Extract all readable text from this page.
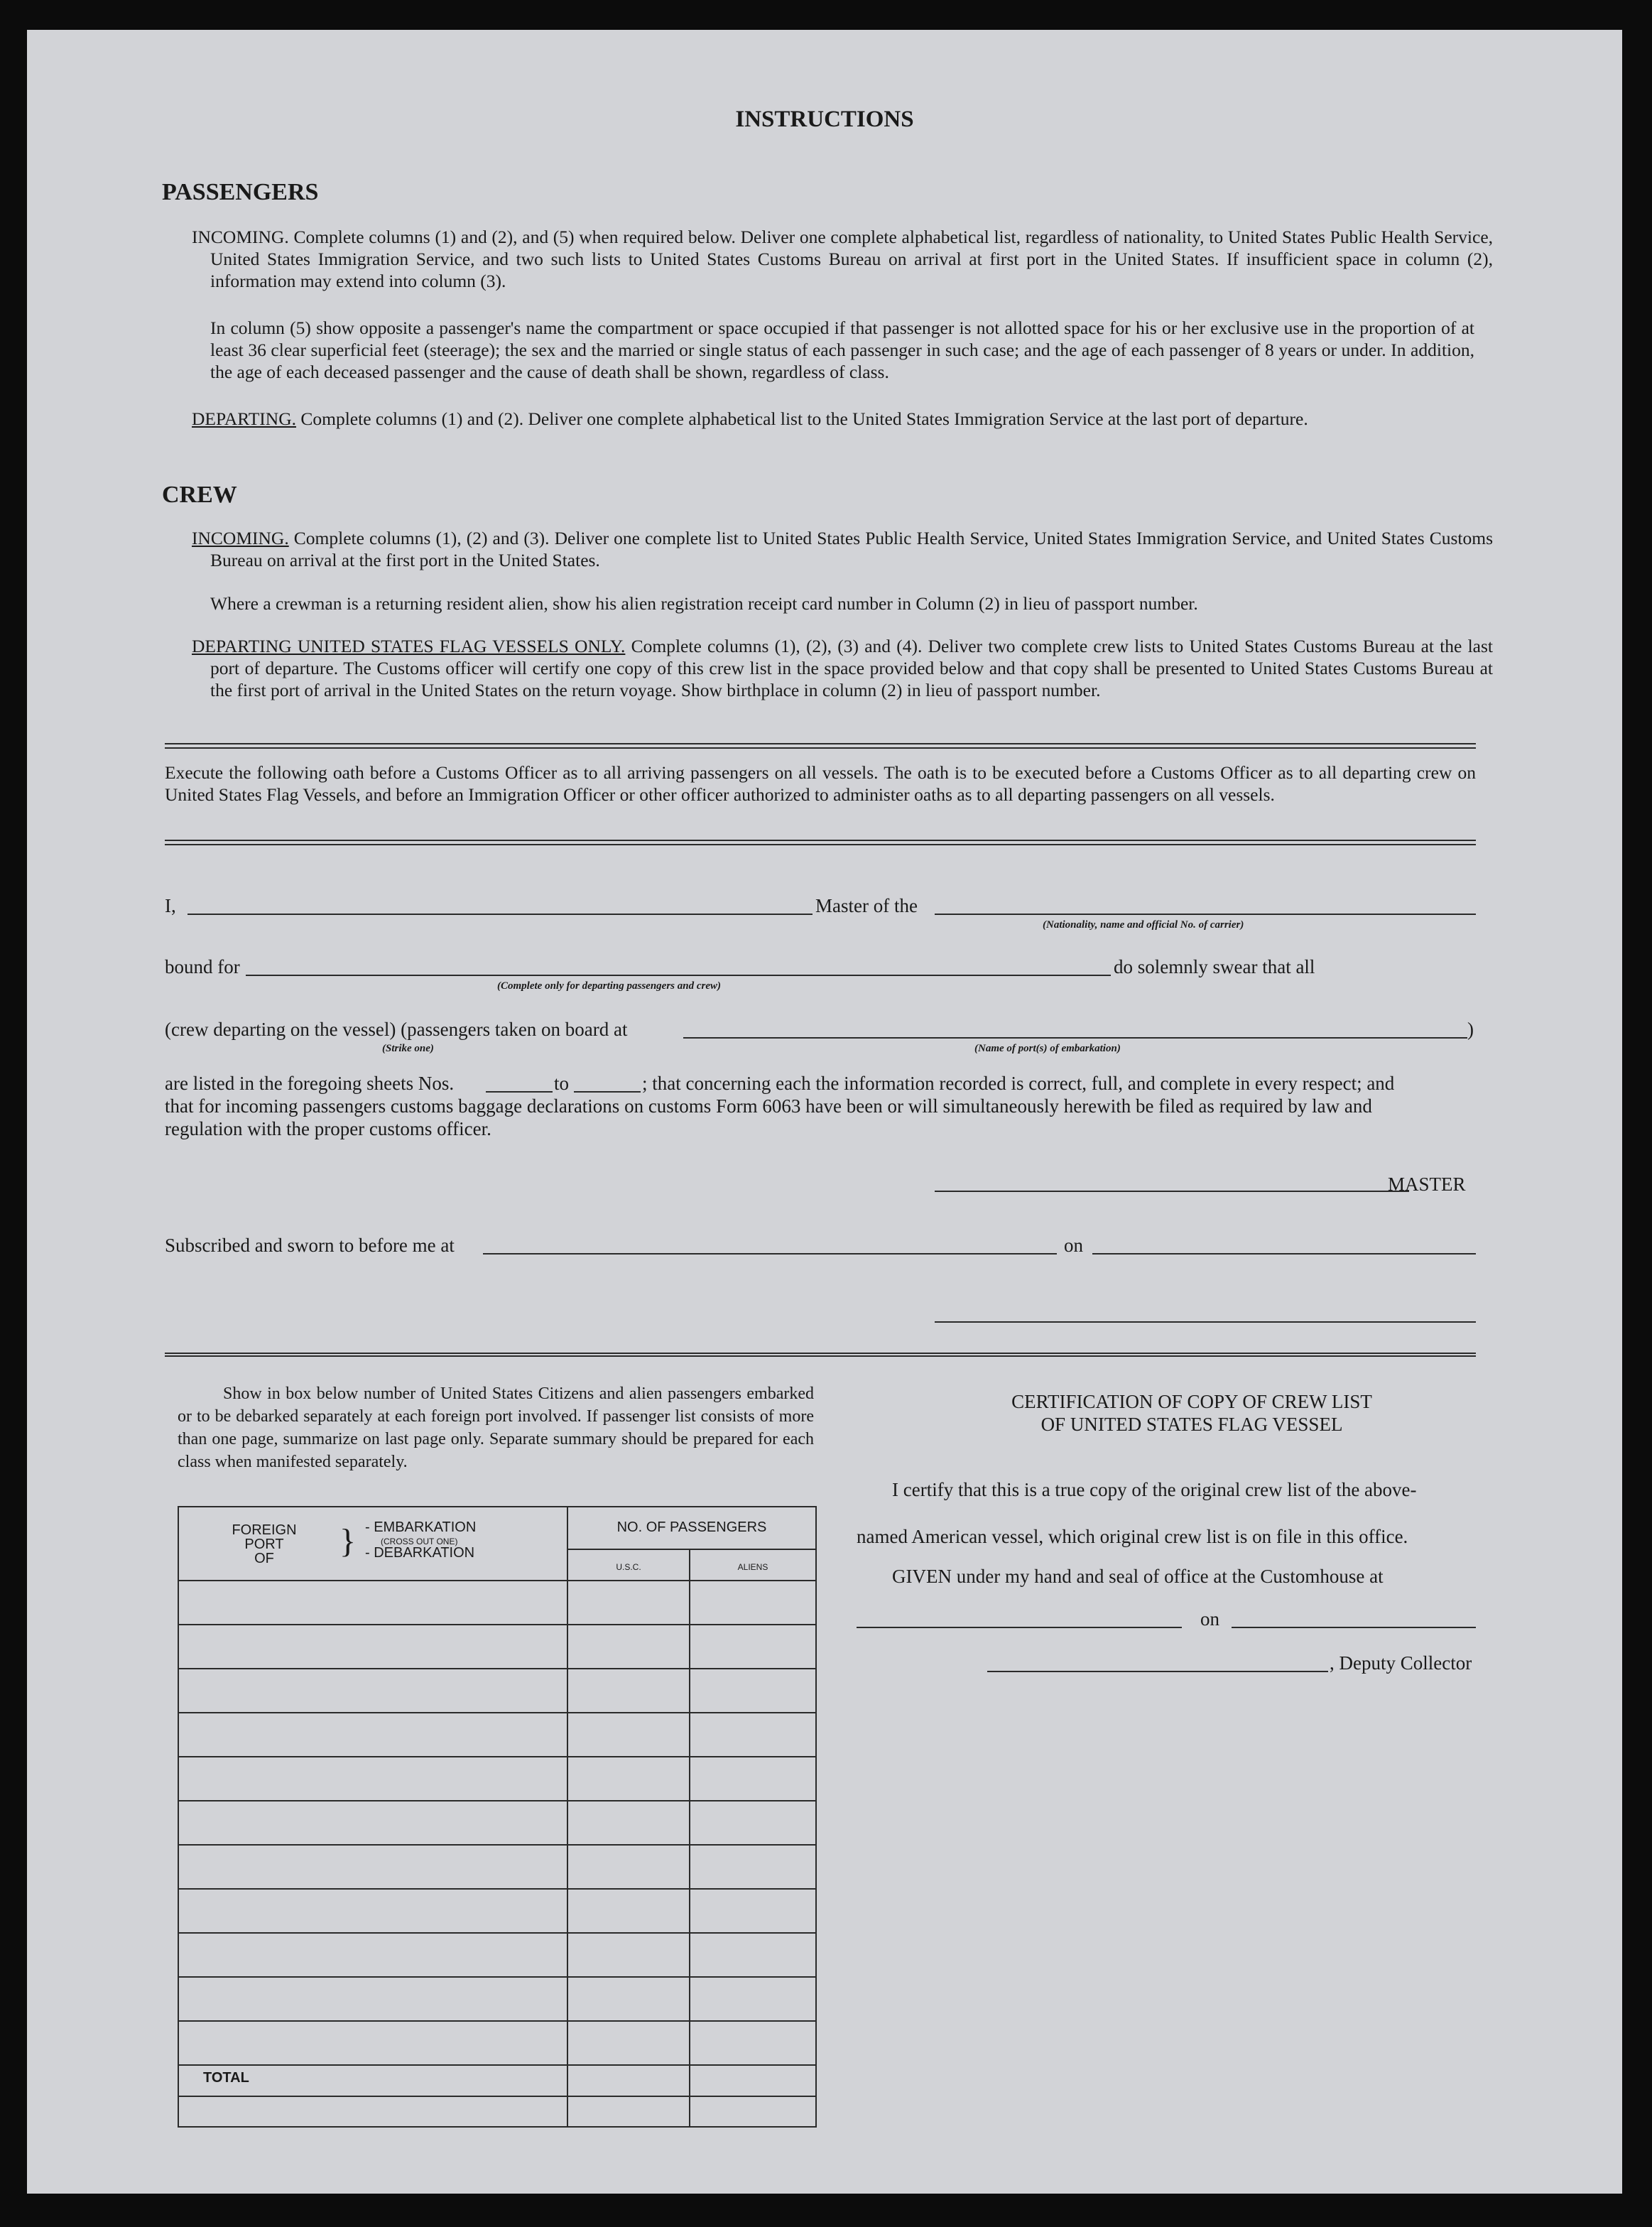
INSTRUCTIONS
PASSENGERS
INCOMING. Complete columns (1) and (2), and (5) when required below. Deliver one complete alphabetical list, regardless of nationality, to United States Public Health Service, United States Immigration Service, and two such lists to United States Customs Bureau on arrival at first port in the United States. If insufficient space in column (2), information may extend into column (3).
In column (5) show opposite a passenger's name the compartment or space occupied if that passenger is not allotted space for his or her exclusive use in the proportion of at least 36 clear superficial feet (steerage); the sex and the married or single status of each passenger in such case; and the age of each passenger of 8 years or under. In addition, the age of each deceased passenger and the cause of death shall be shown, regardless of class.
DEPARTING. Complete columns (1) and (2). Deliver one complete alphabetical list to the United States Immigration Service at the last port of departure.
CREW
INCOMING. Complete columns (1), (2) and (3). Deliver one complete list to United States Public Health Service, United States Immigration Service, and United States Customs Bureau on arrival at the first port in the United States.
Where a crewman is a returning resident alien, show his alien registration receipt card number in Column (2) in lieu of passport number.
DEPARTING UNITED STATES FLAG VESSELS ONLY. Complete columns (1), (2), (3) and (4). Deliver two complete crew lists to United States Customs Bureau at the last port of departure. The Customs officer will certify one copy of this crew list in the space provided below and that copy shall be presented to United States Customs Bureau at the first port of arrival in the United States on the return voyage. Show birthplace in column (2) in lieu of passport number.
Execute the following oath before a Customs Officer as to all arriving passengers on all vessels. The oath is to be executed before a Customs Officer as to all departing crew on United States Flag Vessels, and before an Immigration Officer or other officer authorized to administer oaths as to all departing passengers on all vessels.
I,	Master of the
(Nationality, name and official No. of carrier)
bound for
(Complete only for departing passengers and crew)
do solemnly swear that all
(crew departing on the vessel) (passengers taken on board at
(Strike one)	(Name of port(s) of embarkation)
)
are listed in the foregoing sheets Nos.	to	; that concerning each the information recorded is correct, full, and complete in every respect; and
that for incoming passengers customs baggage declarations on customs Form 6063 have been or will simultaneously herewith be filed as required by law and
regulation with the proper customs officer.
MASTER
Subscribed and sworn to before me at	on
Show in box below number of United States Citizens and alien passengers embarked or to be debarked separately at each foreign port involved. If passenger list consists of more than one page, summarize on last page only. Separate summary should be prepared for each class when manifested separately.
FOREIGN
PORT
OF	} - EMBARKATION
(CROSS OUT ONE)
- DEBARKATION
NO. OF PASSENGERS
U.S.C.	ALIENS
TOTAL
CERTIFICATION OF COPY OF CREW LIST
OF UNITED STATES FLAG VESSEL
I certify that this is a true copy of the original crew list of the above-
named American vessel, which original crew list is on file in this office.
GIVEN under my hand and seal of office at the Customhouse at
on
, Deputy Collector
